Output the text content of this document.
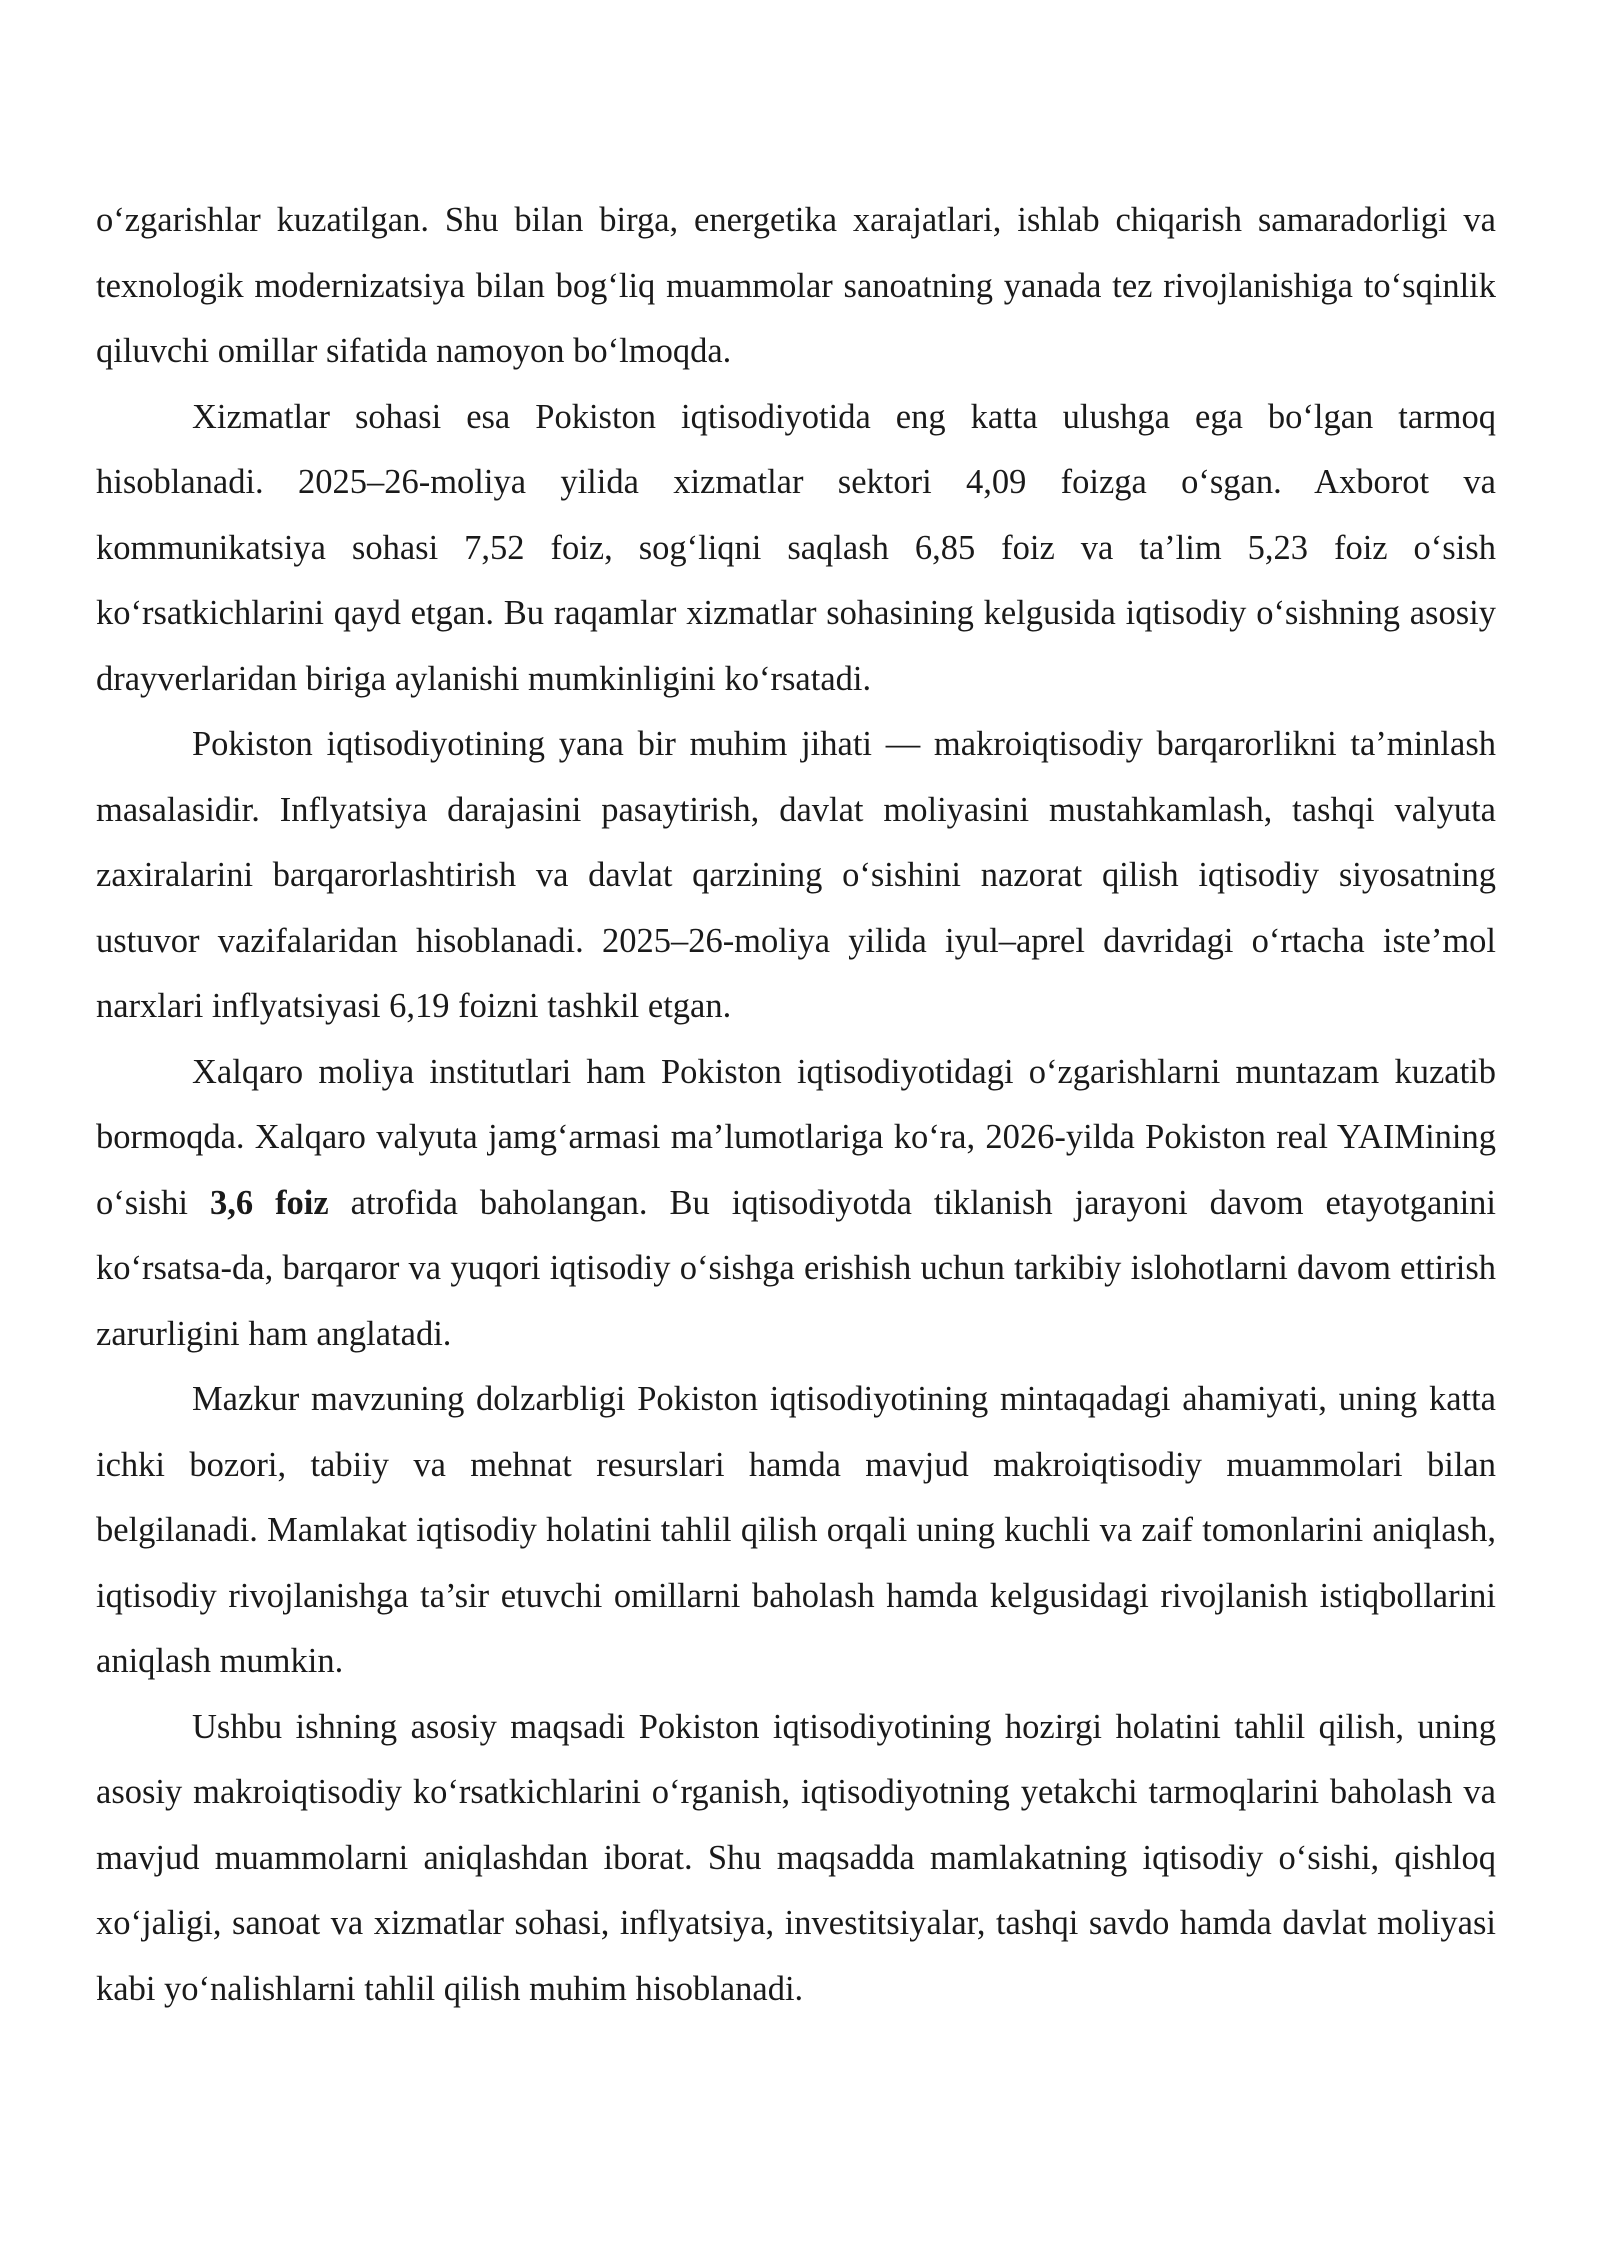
o‘zgarishlar kuzatilgan. Shu bilan birga, energetika xarajatlari, ishlab chiqarish samaradorligi va texnologik modernizatsiya bilan bog‘liq muammolar sanoatning yanada tez rivojlanishiga to‘sqinlik qiluvchi omillar sifatida namoyon bo‘lmoqda.

Xizmatlar sohasi esa Pokiston iqtisodiyotida eng katta ulushga ega bo‘lgan tarmoq hisoblanadi. 2025–26-moliya yilida xizmatlar sektori 4,09 foizga o‘sgan. Axborot va kommunikatsiya sohasi 7,52 foiz, sog‘liqni saqlash 6,85 foiz va ta’lim 5,23 foiz o‘sish ko‘rsatkichlarini qayd etgan. Bu raqamlar xizmatlar sohasining kelgusida iqtisodiy o‘sishning asosiy drayverlaridan biriga aylanishi mumkinligini ko‘rsatadi.

Pokiston iqtisodiyotining yana bir muhim jihati — makroiqtisodiy barqarorlikni ta’minlash masalasidir. Inflyatsiya darajasini pasaytirish, davlat moliyasini mustahkamlash, tashqi valyuta zaxiralarini barqarorlashtirish va davlat qarzining o‘sishini nazorat qilish iqtisodiy siyosatning ustuvor vazifalaridan hisoblanadi. 2025–26-moliya yilida iyul–aprel davridagi o‘rtacha iste’mol narxlari inflyatsiyasi 6,19 foizni tashkil etgan.

Xalqaro moliya institutlari ham Pokiston iqtisodiyotidagi o‘zgarishlarni muntazam kuzatib bormoqda. Xalqaro valyuta jamg‘armasi ma’lumotlariga ko‘ra, 2026-yilda Pokiston real YAIMining o‘sishi 3,6 foiz atrofida baholangan. Bu iqtisodiyotda tiklanish jarayoni davom etayotganini ko‘rsatsa-da, barqaror va yuqori iqtisodiy o‘sishga erishish uchun tarkibiy islohotlarni davom ettirish zarurligini ham anglatadi.

Mazkur mavzuning dolzarbligi Pokiston iqtisodiyotining mintaqadagi ahamiyati, uning katta ichki bozori, tabiiy va mehnat resurslari hamda mavjud makroiqtisodiy muammolari bilan belgilanadi. Mamlakat iqtisodiy holatini tahlil qilish orqali uning kuchli va zaif tomonlarini aniqlash, iqtisodiy rivojlanishga ta’sir etuvchi omillarni baholash hamda kelgusidagi rivojlanish istiqbollarini aniqlash mumkin.

Ushbu ishning asosiy maqsadi Pokiston iqtisodiyotining hozirgi holatini tahlil qilish, uning asosiy makroiqtisodiy ko‘rsatkichlarini o‘rganish, iqtisodiyotning yetakchi tarmoqlarini baholash va mavjud muammolarni aniqlashdan iborat. Shu maqsadda mamlakatning iqtisodiy o‘sishi, qishloq xo‘jaligi, sanoat va xizmatlar sohasi, inflyatsiya, investitsiyalar, tashqi savdo hamda davlat moliyasi kabi yo‘nalishlarni tahlil qilish muhim hisoblanadi.
